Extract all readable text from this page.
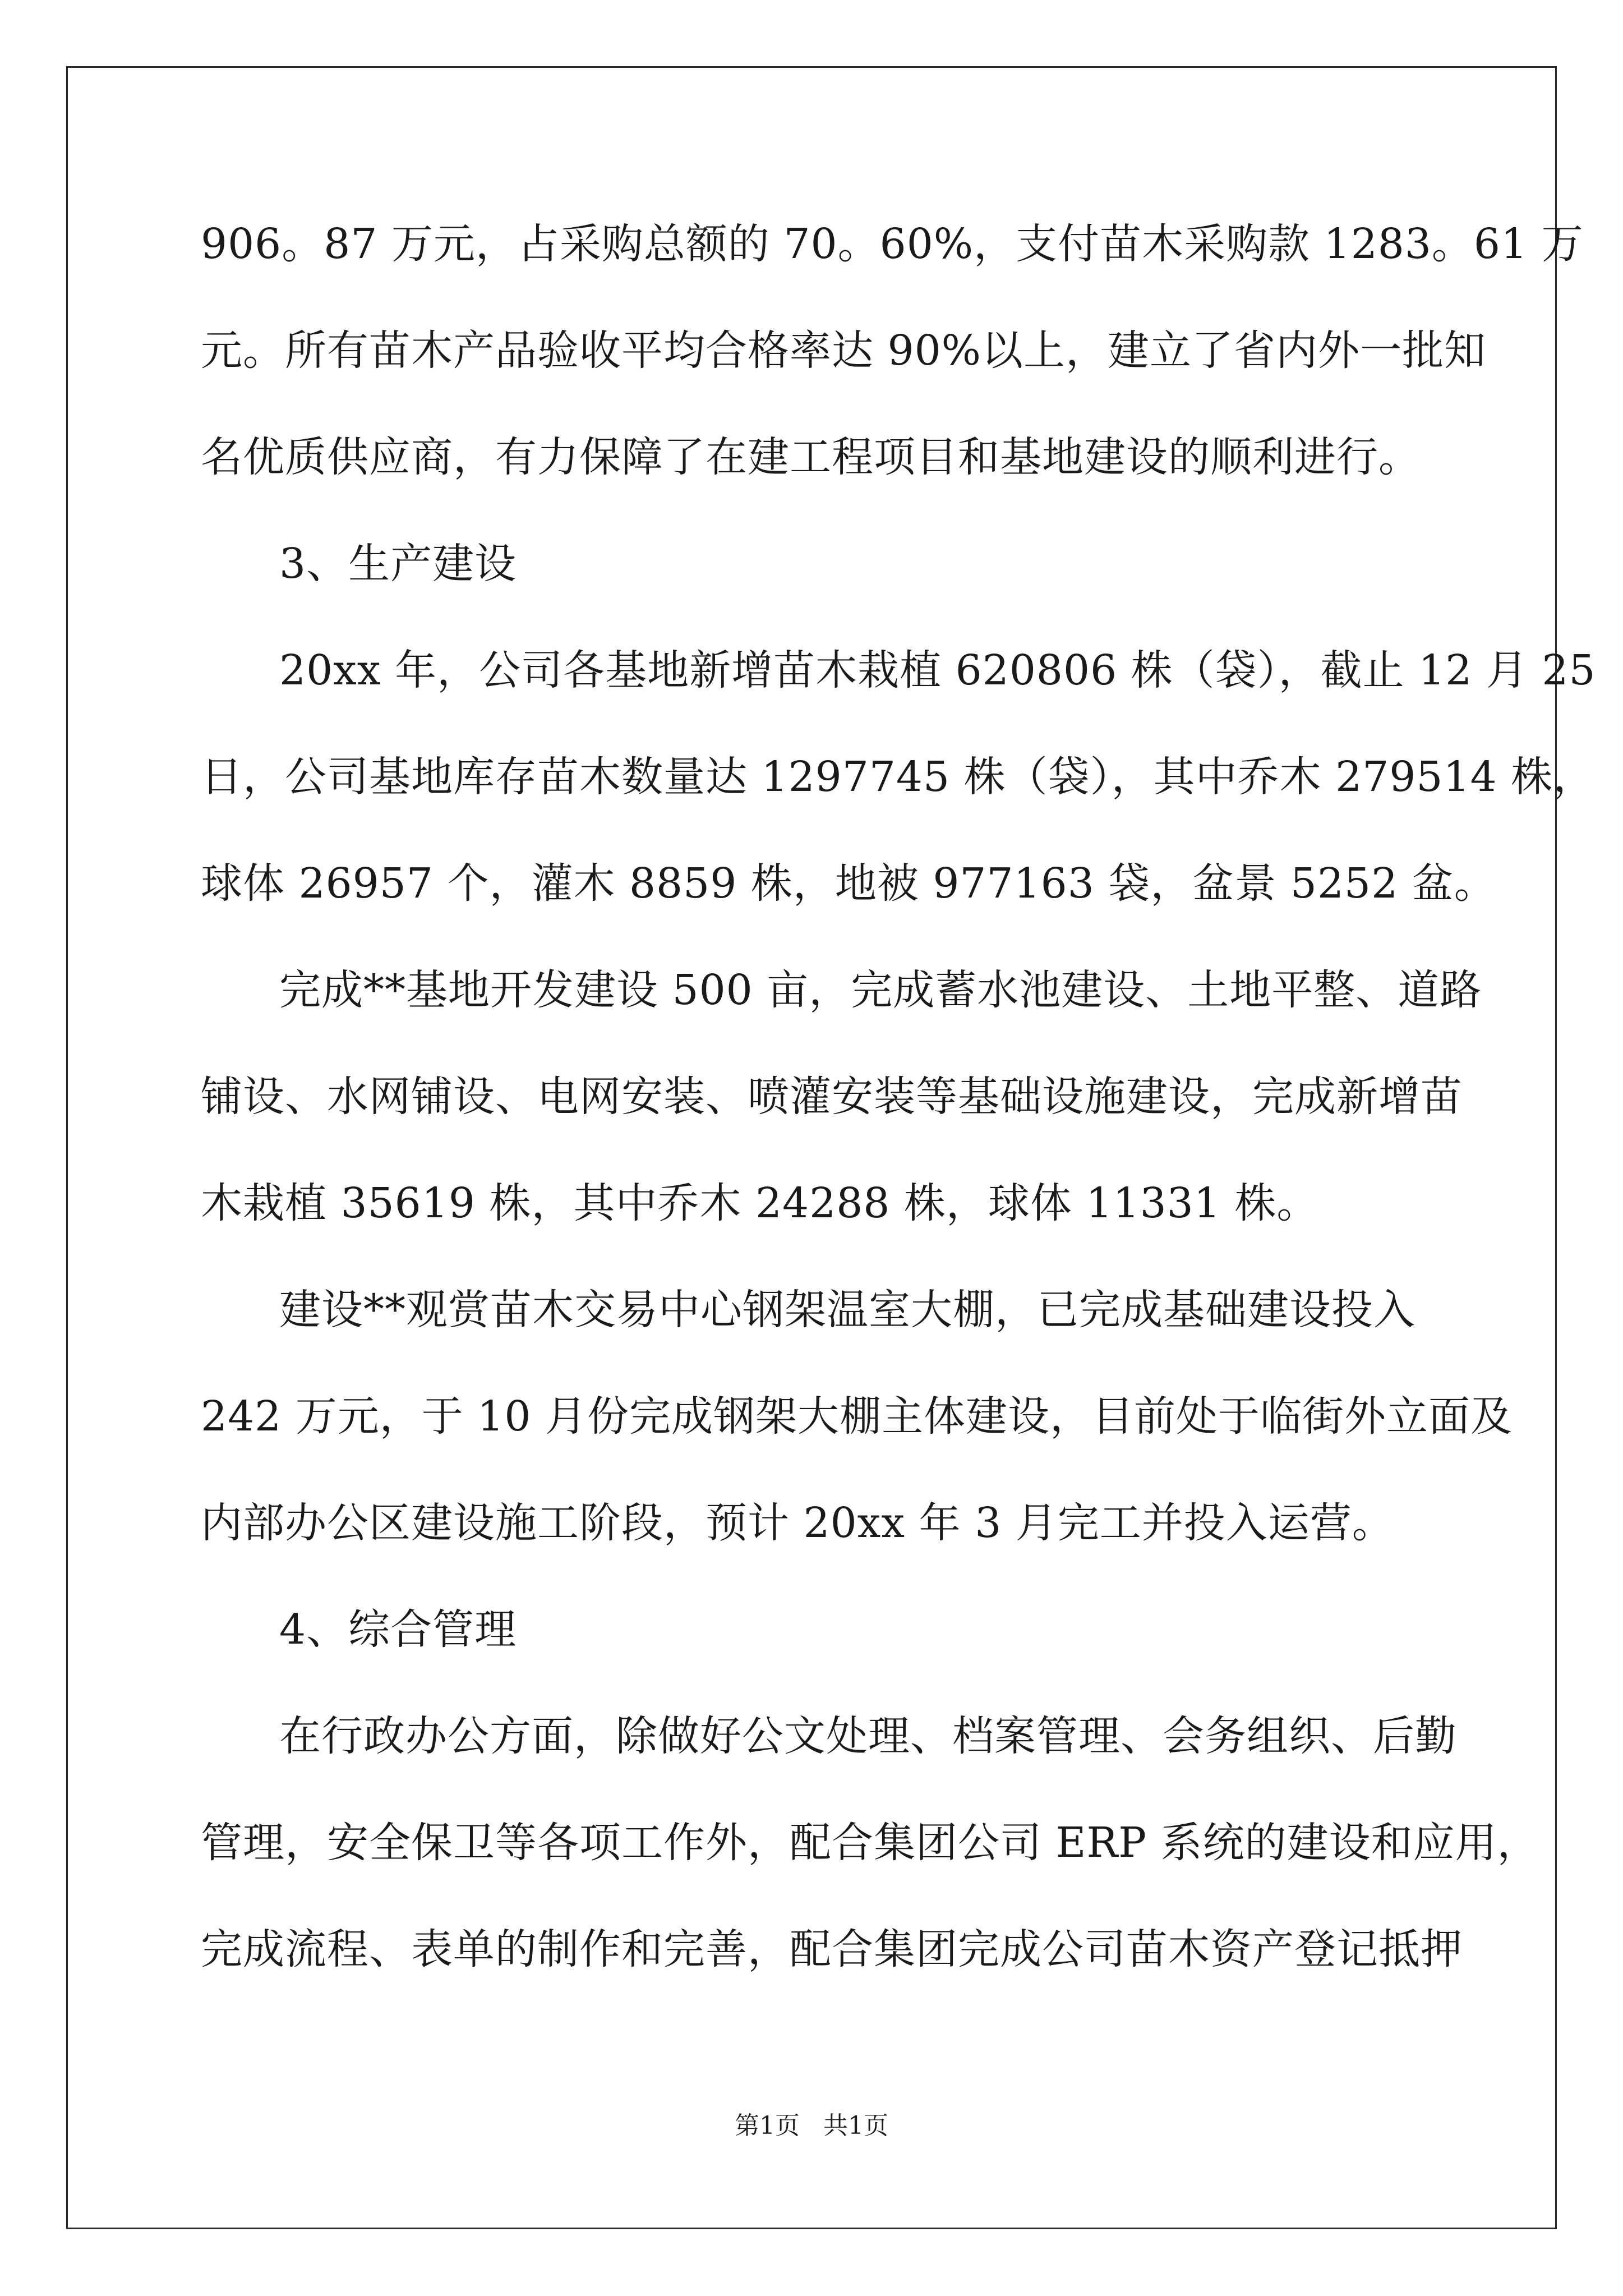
906。87 万元，占采购总额的 70。60%，支付苗木采购款 1283。61 万
元。所有苗木产品验收平均合格率达 90%以上，建立了省内外一批知
名优质供应商，有力保障了在建工程项目和基地建设的顺利进行。
3、生产建设
20xx 年，公司各基地新增苗木栽植 620806 株（袋），截止 12 月 25
日，公司基地库存苗木数量达 1297745 株（袋），其中乔木 279514 株，
球体 26957 个，灌木 8859 株，地被 977163 袋，盆景 5252 盆。
完成**基地开发建设 500 亩，完成蓄水池建设、土地平整、道路
铺设、水网铺设、电网安装、喷灌安装等基础设施建设，完成新增苗
木栽植 35619 株，其中乔木 24288 株，球体 11331 株。
建设**观赏苗木交易中心钢架温室大棚，已完成基础建设投入
242 万元，于 10 月份完成钢架大棚主体建设，目前处于临街外立面及
内部办公区建设施工阶段，预计 20xx 年 3 月完工并投入运营。
4、综合管理
在行政办公方面，除做好公文处理、档案管理、会务组织、后勤
管理，安全保卫等各项工作外，配合集团公司 ERP 系统的建设和应用，
完成流程、表单的制作和完善，配合集团完成公司苗木资产登记抵押
第1页   共1页
